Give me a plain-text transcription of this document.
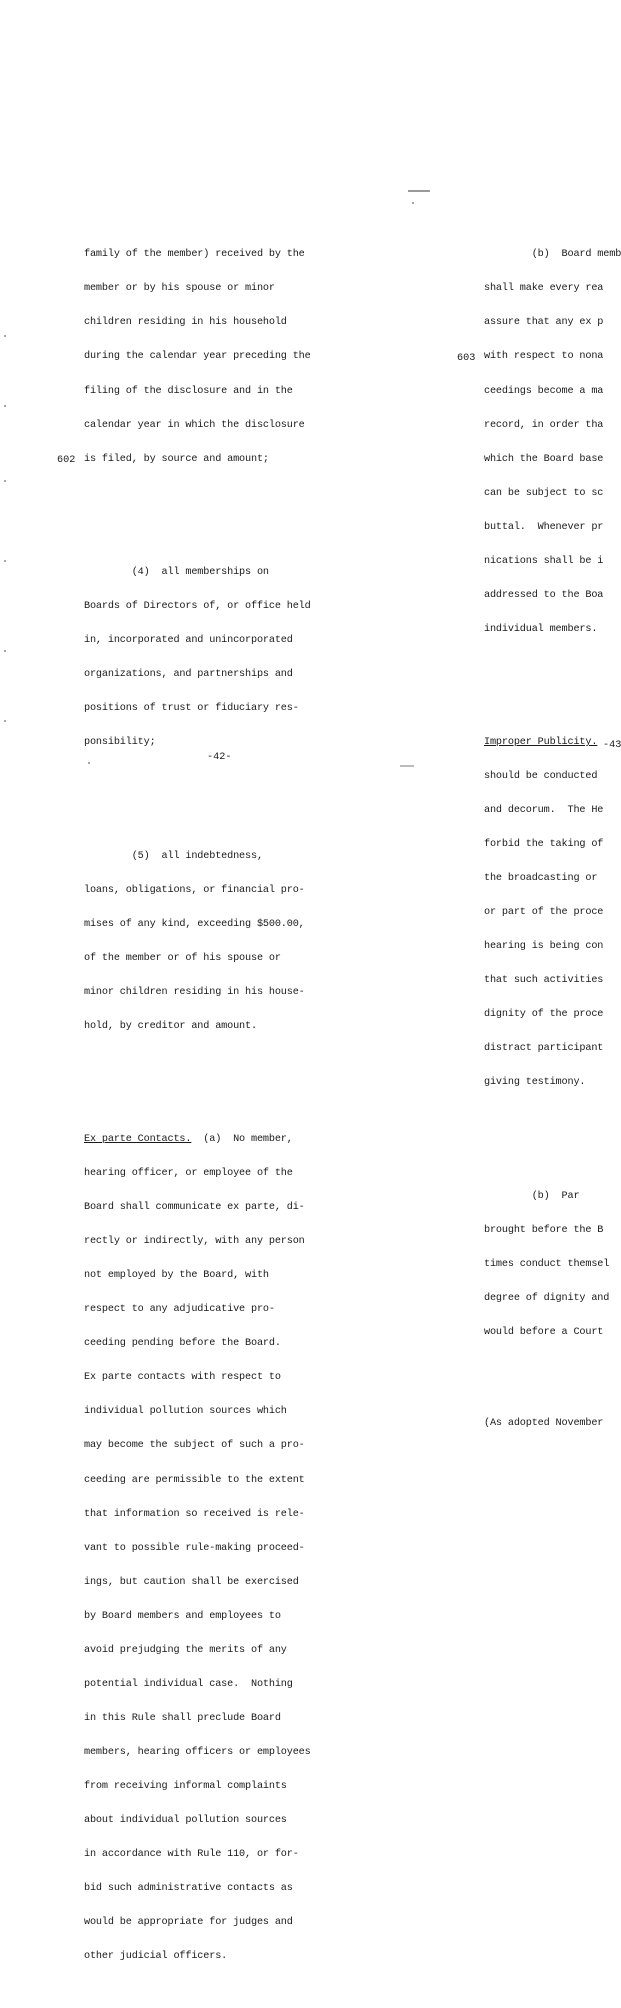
family of the member) received by the

member or by his spouse or minor

children residing in his household

during the calendar year preceding the

filing of the disclosure and in the

calendar year in which the disclosure

is filed, by source and amount;

(4)  all memberships on

Boards of Directors of, or office held

in, incorporated and unincorporated

organizations, and partnerships and

positions of trust or fiduciary res-

ponsibility;

(5)  all indebtedness,

loans, obligations, or financial pro-

mises of any kind, exceeding $500.00,

of the member or of his spouse or

minor children residing in his house-

hold, by creditor and amount.

Ex parte Contacts.  (a)  No member,

hearing officer, or employee of the

Board shall communicate ex parte, di-

rectly or indirectly, with any person

not employed by the Board, with

respect to any adjudicative pro-

ceeding pending before the Board.

Ex parte contacts with respect to

individual pollution sources which

may become the subject of such a pro-

ceeding are permissible to the extent

that information so received is rele-

vant to possible rule-making proceed-

ings, but caution shall be exercised

by Board members and employees to

avoid prejudging the merits of any

potential individual case.  Nothing

in this Rule shall preclude Board

members, hearing officers or employees

from receiving informal complaints

about individual pollution sources

in accordance with Rule 110, or for-

bid such administrative contacts as

would be appropriate for judges and

other judicial officers.

602
-42-

(b)  Board memb

shall make every rea

assure that any ex p

with respect to nona

ceedings become a ma

record, in order tha

which the Board base

can be subject to sc

buttal.  Whenever pr

nications shall be i

addressed to the Boa

individual members.

Improper Publicity.

should be conducted

and decorum.  The He

forbid the taking of

the broadcasting or

or part of the proce

hearing is being con

that such activities

dignity of the proce

distract participant

giving testimony.

(b)  Par

brought before the B

times conduct themsel

degree of dignity and

would before a Court

(As adopted November

603
-43
